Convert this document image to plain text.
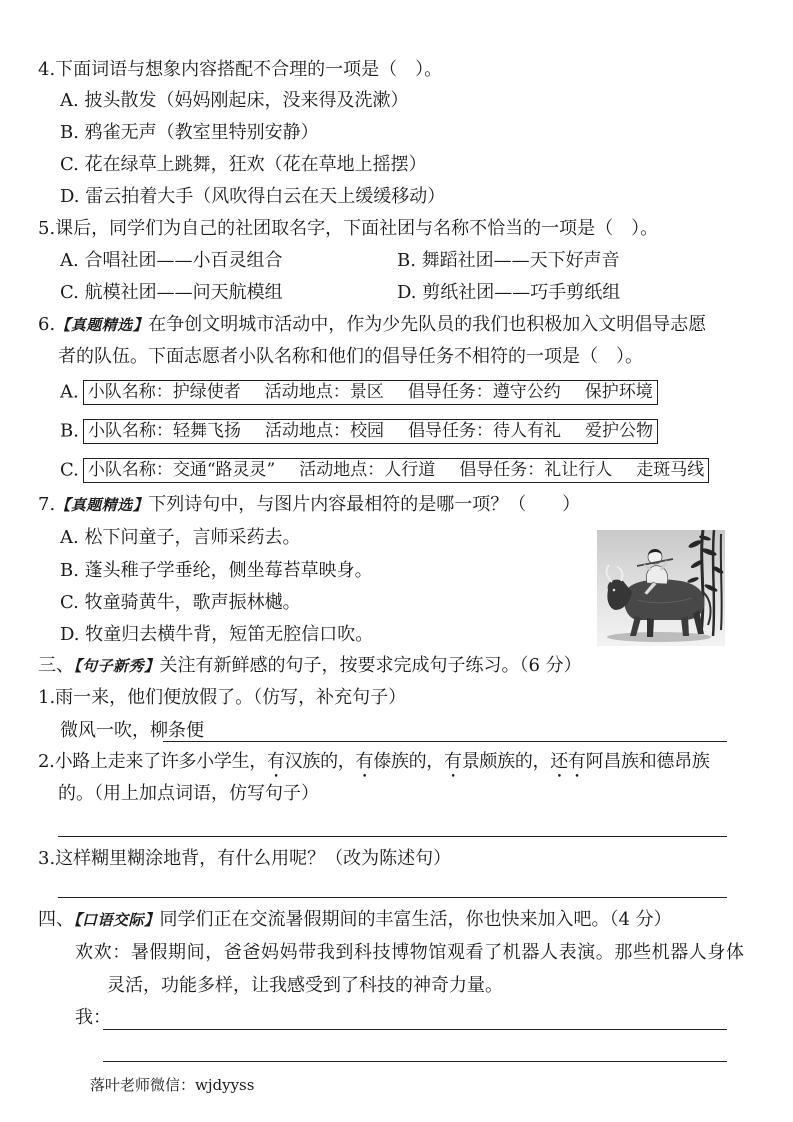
4.下面词语与想象内容搭配不合理的一项是（　）。
A. 披头散发（妈妈刚起床，没来得及洗漱）
B. 鸦雀无声（教室里特别安静）
C. 花在绿草上跳舞，狂欢（花在草地上摇摆）
D. 雷云拍着大手（风吹得白云在天上缓缓移动）
5.课后，同学们为自己的社团取名字，下面社团与名称不恰当的一项是（　）。
A. 合唱社团——小百灵组合	B. 舞蹈社团——天下好声音
C. 航模社团——问天航模组	D. 剪纸社团——巧手剪纸组
6.【真题精选】在争创文明城市活动中，作为少先队员的我们也积极加入文明倡导志愿
者的队伍。下面志愿者小队名称和他们的倡导任务不相符的一项是（　）。
A. 小队名称：护绿使者 活动地点：景区 倡导任务：遵守公约 保护环境
B. 小队名称：轻舞飞扬 活动地点：校园 倡导任务：待人有礼 爱护公物
C. 小队名称：交通“路灵灵” 活动地点：人行道 倡导任务：礼让行人 走斑马线
7.【真题精选】下列诗句中，与图片内容最相符的是哪一项？（　　）
A. 松下问童子，言师采药去。
B. 蓬头稚子学垂纶，侧坐莓苔草映身。
C. 牧童骑黄牛，歌声振林樾。
D. 牧童归去横牛背，短笛无腔信口吹。
三、【句子新秀】关注有新鲜感的句子，按要求完成句子练习。（6 分）
1.雨一来，他们便放假了。（仿写，补充句子）
微风一吹，柳条便
2.小路上走来了许多小学生，有汉族的，有傣族的，有景颇族的，还有阿昌族和德昂族
的。（用上加点词语，仿写句子）
3.这样糊里糊涂地背，有什么用呢？（改为陈述句）
四、【口语交际】同学们正在交流暑假期间的丰富生活，你也快来加入吧。（4 分）
欢欢：暑假期间，爸爸妈妈带我到科技博物馆观看了机器人表演。那些机器人身体
灵活，功能多样，让我感受到了科技的神奇力量。
我：
落叶老师微信：wjdyyss
